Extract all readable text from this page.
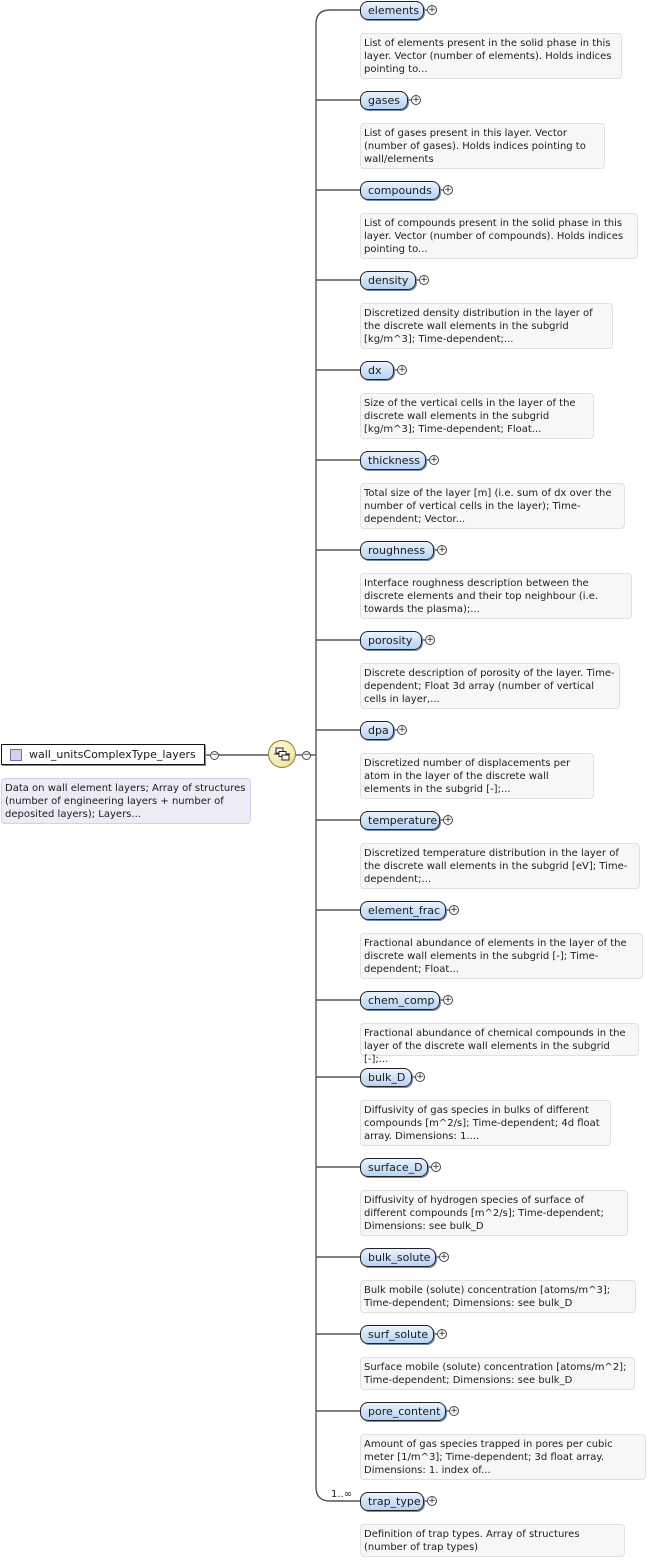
wall_unitsComplexType_layers −
Data on wall element layers; Array of structures (number of engineering layers + number of deposited layers); Layers...
−
elements	+
List of elements present in the solid phase in this layer. Vector (number of elements). Holds indices pointing to...
gases	+
List of gases present in this layer. Vector (number of gases). Holds indices pointing to wall/elements
compounds	+
List of compounds present in the solid phase in this layer. Vector (number of compounds). Holds indices pointing to...
density	+
Discretized density distribution in the layer of the discrete wall elements in the subgrid [kg/m^3]; Time-dependent;...
dx	+
Size of the vertical cells in the layer of the discrete wall elements in the subgrid [kg/m^3]; Time-dependent; Float...
thickness	+
Total size of the layer [m] (i.e. sum of dx over the number of vertical cells in the layer); Time-dependent; Vector...
roughness	+
Interface roughness description between the discrete elements and their top neighbour (i.e. towards the plasma);...
porosity	+
Discrete description of porosity of the layer. Time-dependent; Float 3d array (number of vertical cells in layer,...
dpa	+
Discretized number of displacements per atom in the layer of the discrete wall elements in the subgrid [-];...
temperature +
Discretized temperature distribution in the layer of the discrete wall elements in the subgrid [eV]; Time-dependent;...
element_frac	+
Fractional abundance of elements in the layer of the discrete wall elements in the subgrid [-]; Time-dependent; Float...
chem_comp	+
Fractional abundance of chemical compounds in the layer of the discrete wall elements in the subgrid [-];...
bulk_D	+
Diffusivity of gas species in bulks of different compounds [m^2/s]; Time-dependent; 4d float array. Dimensions: 1....
surface_D	+
Diffusivity of hydrogen species of surface of different compounds [m^2/s]; Time-dependent; Dimensions: see bulk_D
bulk_solute	+
Bulk mobile (solute) concentration [atoms/m^3]; Time-dependent; Dimensions: see bulk_D
surf_solute	+
Surface mobile (solute) concentration [atoms/m^2]; Time-dependent; Dimensions: see bulk_D
pore_content	+
Amount of gas species trapped in pores per cubic meter [1/m^3]; Time-dependent; 3d float array. Dimensions: 1. index of...
trap_type +
Definition of trap types. Array of structures (number of trap types)
1..∞
